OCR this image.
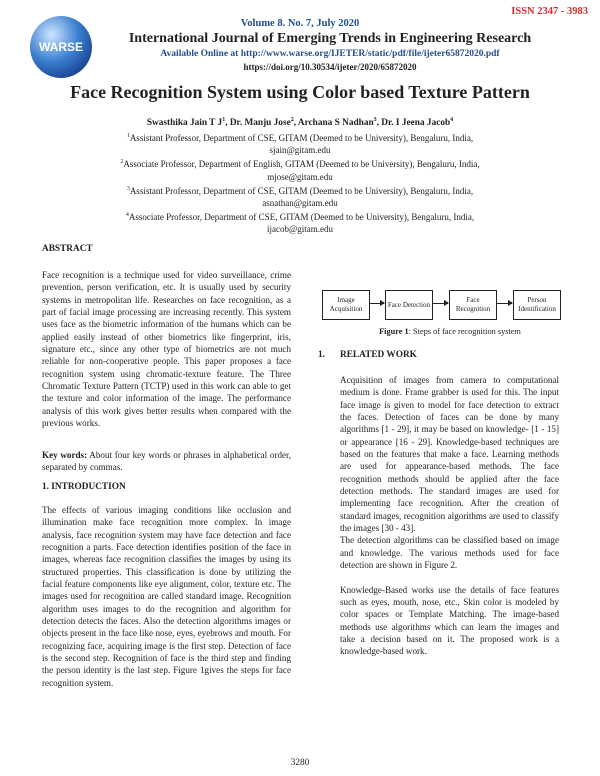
ISSN 2347 - 3983
WARSE
Volume 8. No. 7, July 2020
International Journal of Emerging Trends in Engineering Research
Available Online at http://www.warse.org/IJETER/static/pdf/file/ijeter65872020.pdf
https://doi.org/10.30534/ijeter/2020/65872020
Face Recognition System using Color based Texture Pattern
Swasthika Jain T $J^1$, Dr. Manju Jose$^2$, Archana S Nadhan$^3$, Dr. I Jeena Jacob$^4$
$^1$Assistant Professor, Department of CSE, GITAM (Deemed to be University), Bengaluru, India,
sjain@gitam.edu
$^2$Associate Professor, Department of English, GITAM (Deemed to be University), Bengaluru, India,
mjose@gitam.edu
$^3$Assistant Professor, Department of CSE, GITAM (Deemed to be University), Bengaluru, India,
asnathan@gitam.edu
$^4$Associate Professor, Department of CSE, GITAM (Deemed to be University), Bengaluru, India,
ijacob@gitam.edu
ABSTRACT
Face recognition is a technique used for video surveillance, crime prevention, person verification, etc. It is usually used by security systems in metropolitan life. Researches on face recognition, as a part of facial image processing are increasing recently. This system uses face as the biometric information of the humans which can be applied easily instead of other biometrics like fingerprint, iris, signature etc., since any other type of biometrics are not much reliable for non-cooperative people. This paper proposes a face recognition system using chromatic-texture feature. The Three Chromatic Texture Pattern (TCTP) used in this work can able to get the texture and color information of the image. The performance analysis of this work gives better results when compared with the previous works.
Key words: About four key words or phrases in alphabetical order, separated by commas.
1. INTRODUCTION
The effects of various imaging conditions like occlusion and illumination make face recognition more complex. In image analysis, face recognition system may have face detection and face recognition a parts. Face detection identifies position of the face in images, whereas face recognition classifies the images by using its structured properties. This classification is done by utilizing the facial feature components like eye alignment, color, texture etc. The images used for recognition are called standard image. Recognition algorithm uses images to do the recognition and algorithm for detection detects the faces. Also the detection algorithms images or objects present in the face like nose, eyes, eyebrows and mouth. For recognizing face, acquiring image is the first step. Detection of face is the second step. Recognition of face is the third step and finding the person identity is the last step. Figure 1gives the steps for face recognition system.
Image Acquisition
Face Detection
Face Recognition
Person Identification
Figure 1: Steps of face recognition system
1. RELATED WORK
Acquisition of images from camera to computational medium is done. Frame grabber is used for this. The input face image is given to model for face detection to extract the faces. Detection of faces can be done by many algorithms [1 - 29], it may be based on knowledge- [1 - 15] or appearance [16 - 29]. Knowledge-based techniques are based on the features that make a face. Learning methods are used for appearance-based methods. The face recognition methods should be applied after the face detection methods. The standard images are used for implementing face recognition. After the creation of standard images, recognition algorithms are used to classify the images [30 - 43].
The detection algorithms can be classified based on image and knowledge. The various methods used for face detection are shown in Figure 2.
Knowledge-Based works use the details of face features such as eyes, mouth, nose, etc., Skin color is modeled by color spaces or Template Matching. The image-based methods use algorithms which can learn the images and take a decision based on it. The proposed work is a knowledge-based work.
3280
